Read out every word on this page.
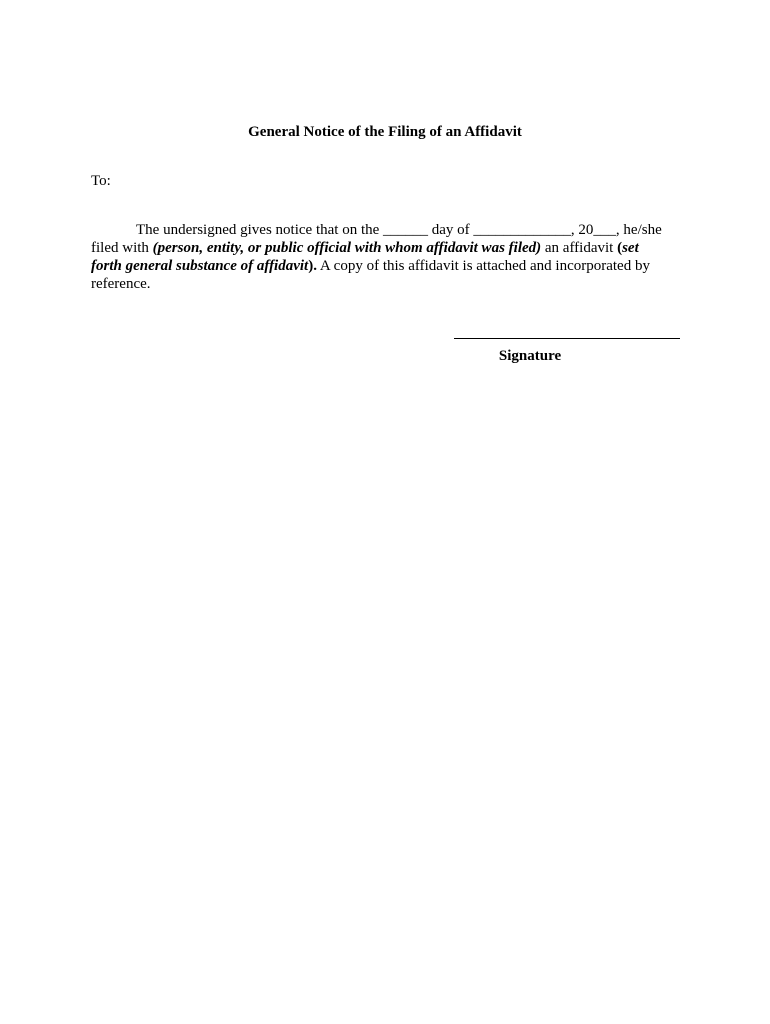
General Notice of the Filing of an Affidavit

To:

The undersigned gives notice that on the ______ day of _____________, 20___, he/she filed with (person, entity, or public official with whom affidavit was filed) an affidavit (set forth general substance of affidavit). A copy of this affidavit is attached and incorporated by reference.

Signature
